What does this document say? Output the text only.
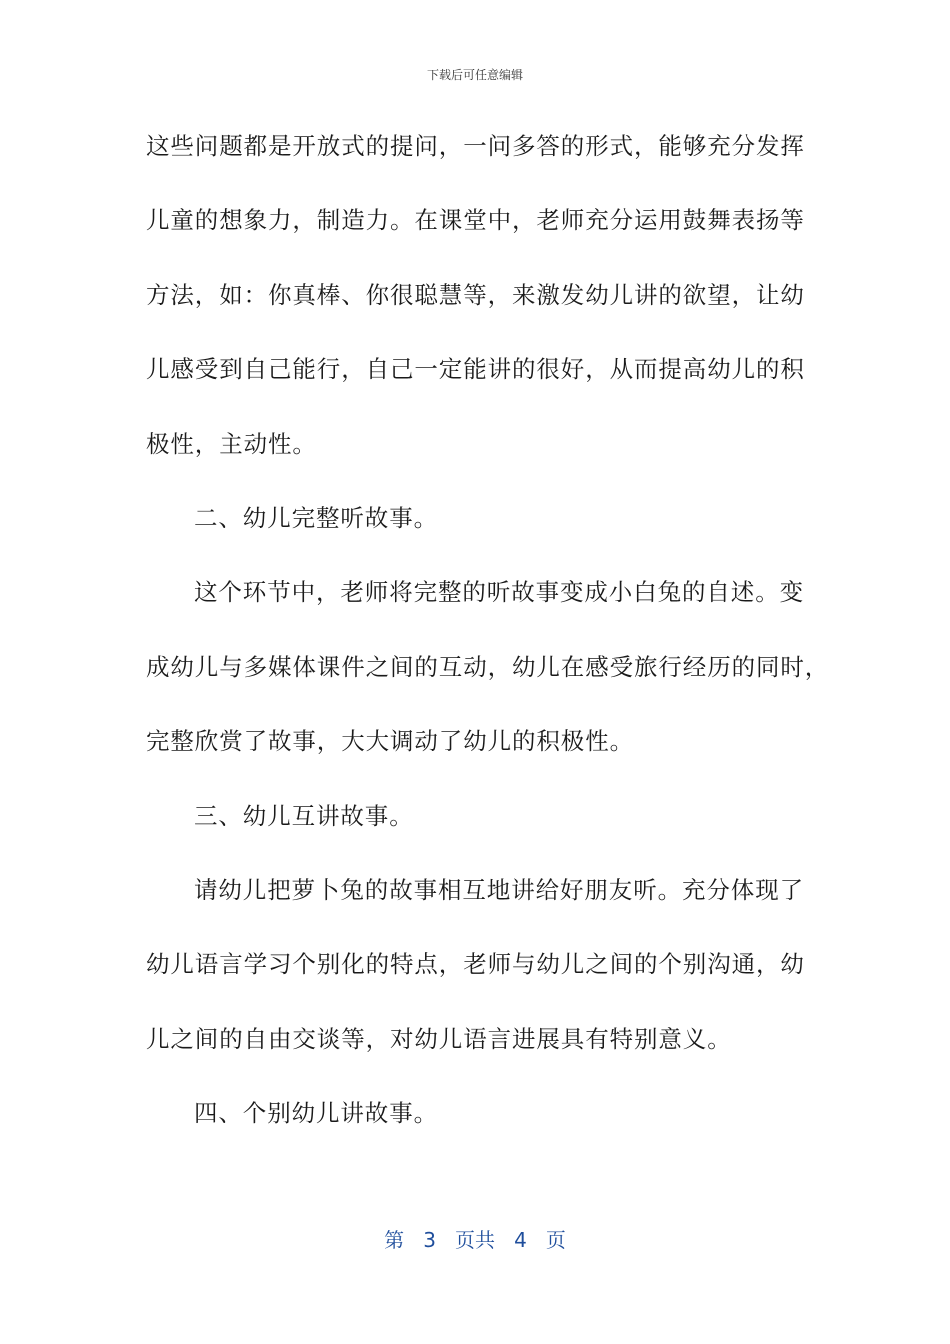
下载后可任意编辑
这些问题都是开放式的提问，一问多答的形式，能够充分发挥
儿童的想象力，制造力。在课堂中，老师充分运用鼓舞表扬等
方法，如：你真棒、你很聪慧等，来激发幼儿讲的欲望，让幼
儿感受到自己能行，自己一定能讲的很好，从而提高幼儿的积
极性，主动性。
二、幼儿完整听故事。
这个环节中，老师将完整的听故事变成小白兔的自述。变
成幼儿与多媒体课件之间的互动，幼儿在感受旅行经历的同时，
完整欣赏了故事，大大调动了幼儿的积极性。
三、幼儿互讲故事。
请幼儿把萝卜兔的故事相互地讲给好朋友听。充分体现了
幼儿语言学习个别化的特点，老师与幼儿之间的个别沟通，幼
儿之间的自由交谈等，对幼儿语言进展具有特别意义。
四、个别幼儿讲故事。
第 3 页共 4 页
